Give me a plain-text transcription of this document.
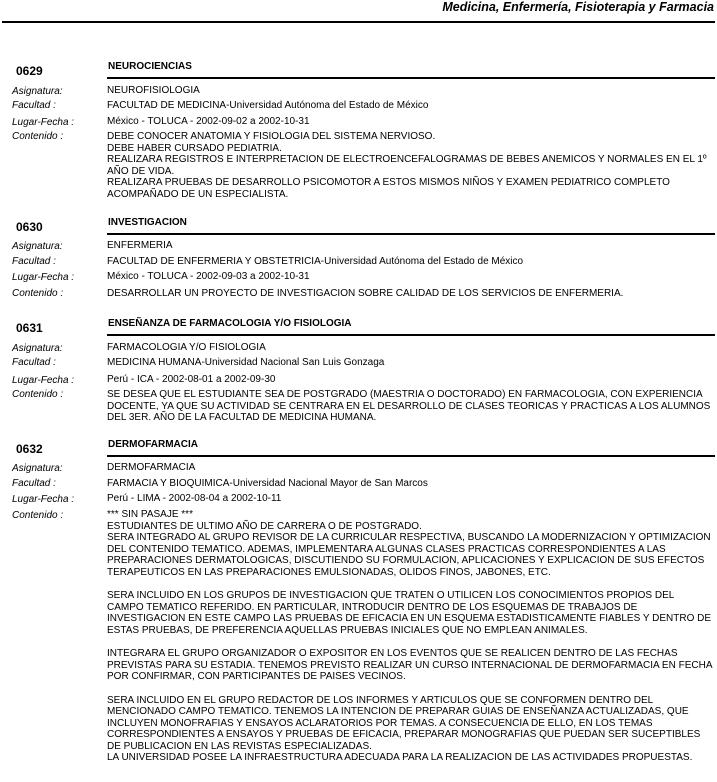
Medicina, Enfermería, Fisioterapia y Farmacia
0629	NEUROCIENCIAS
Asignatura:	NEUROFISIOLOGIA
Facultad :	FACULTAD DE MEDICINA-Universidad Autónoma del Estado de México
Lugar-Fecha :	México - TOLUCA - 2002-09-02 a 2002-10-31
Contenido :	DEBE CONOCER ANATOMIA Y FISIOLOGIA DEL SISTEMA NERVIOSO.
DEBE HABER CURSADO PEDIATRIA.
REALIZARA REGISTROS E INTERPRETACION DE ELECTROENCEFALOGRAMAS DE BEBES ANEMICOS Y NORMALES EN EL 1º AÑO DE VIDA.
REALIZARA PRUEBAS DE DESARROLLO PSICOMOTOR A ESTOS MISMOS NIÑOS Y EXAMEN PEDIATRICO COMPLETO ACOMPAÑADO DE UN ESPECIALISTA.
0630	INVESTIGACION
Asignatura:	ENFERMERIA
Facultad :	FACULTAD DE ENFERMERIA Y OBSTETRICIA-Universidad Autónoma del Estado de México
Lugar-Fecha :	México - TOLUCA - 2002-09-03 a 2002-10-31
Contenido :	DESARROLLAR UN PROYECTO DE INVESTIGACION SOBRE CALIDAD DE LOS SERVICIOS DE ENFERMERIA.
0631	ENSEÑANZA DE FARMACOLOGIA Y/O FISIOLOGIA
Asignatura:	FARMACOLOGIA Y/O FISIOLOGIA
Facultad :	MEDICINA HUMANA-Universidad Nacional San Luis Gonzaga
Lugar-Fecha :	Perú - ICA - 2002-08-01 a 2002-09-30
Contenido :	SE DESEA QUE EL ESTUDIANTE SEA DE POSTGRADO (MAESTRIA O DOCTORADO) EN FARMACOLOGIA, CON EXPERIENCIA DOCENTE, YA QUE SU ACTIVIDAD SE CENTRARA EN EL DESARROLLO DE CLASES TEORICAS Y PRACTICAS A LOS ALUMNOS DEL 3ER. AÑO DE LA FACULTAD DE MEDICINA HUMANA.
0632	DERMOFARMACIA
Asignatura:	DERMOFARMACIA
Facultad :	FARMACIA Y BIOQUIMICA-Universidad Nacional Mayor de San Marcos
Lugar-Fecha :	Perú - LIMA - 2002-08-04 a 2002-10-11
Contenido :	*** SIN PASAJE ***
ESTUDIANTES DE ULTIMO AÑO DE CARRERA O DE POSTGRADO.
SERA INTEGRADO AL GRUPO REVISOR DE LA CURRICULAR RESPECTIVA, BUSCANDO LA MODERNIZACION Y OPTIMIZACION DEL CONTENIDO TEMATICO. ADEMAS, IMPLEMENTARA ALGUNAS CLASES PRACTICAS CORRESPONDIENTES A LAS PREPARACIONES DERMATOLOGICAS, DISCUTIENDO SU FORMULACION, APLICACIONES Y EXPLICACION DE SUS EFECTOS TERAPEUTICOS EN LAS PREPARACIONES EMULSIONADAS, OLIDOS FINOS, JABONES, ETC.

SERA INCLUIDO EN LOS GRUPOS DE INVESTIGACION QUE TRATEN O UTILICEN LOS CONOCIMIENTOS PROPIOS DEL CAMPO TEMATICO REFERIDO. EN PARTICULAR, INTRODUCIR DENTRO DE LOS ESQUEMAS DE TRABAJOS DE INVESTIGACION EN ESTE CAMPO LAS PRUEBAS DE EFICACIA EN UN ESQUEMA ESTADISTICAMENTE FIABLES Y DENTRO DE ESTAS PRUEBAS, DE PREFERENCIA AQUELLAS PRUEBAS INICIALES QUE NO EMPLEAN ANIMALES.

INTEGRARA EL GRUPO ORGANIZADOR O EXPOSITOR EN LOS EVENTOS QUE SE REALICEN DENTRO DE LAS FECHAS PREVISTAS PARA SU ESTADIA. TENEMOS PREVISTO REALIZAR UN CURSO INTERNACIONAL DE DERMOFARMACIA EN FECHA POR CONFIRMAR, CON PARTICIPANTES DE PAISES VECINOS.

SERA INCLUIDO EN EL GRUPO REDACTOR DE LOS INFORMES Y ARTICULOS QUE SE CONFORMEN DENTRO DEL MENCIONADO CAMPO TEMATICO. TENEMOS LA INTENCION DE PREPARAR GUIAS DE ENSEÑANZA ACTUALIZADAS, QUE INCLUYEN MONOFRAFIAS Y ENSAYOS ACLARATORIOS POR TEMAS. A CONSECUENCIA DE ELLO, EN LOS TEMAS CORRESPONDIENTES A ENSAYOS Y PRUEBAS DE EFICACIA, PREPARAR MONOGRAFIAS QUE PUEDAN SER SUCEPTIBLES DE PUBLICACION EN LAS REVISTAS ESPECIALIZADAS.
LA UNIVERSIDAD POSEE LA INFRAESTRUCTURA ADECUADA PARA LA REALIZACION DE LAS ACTIVIDADES PROPUESTAS.
